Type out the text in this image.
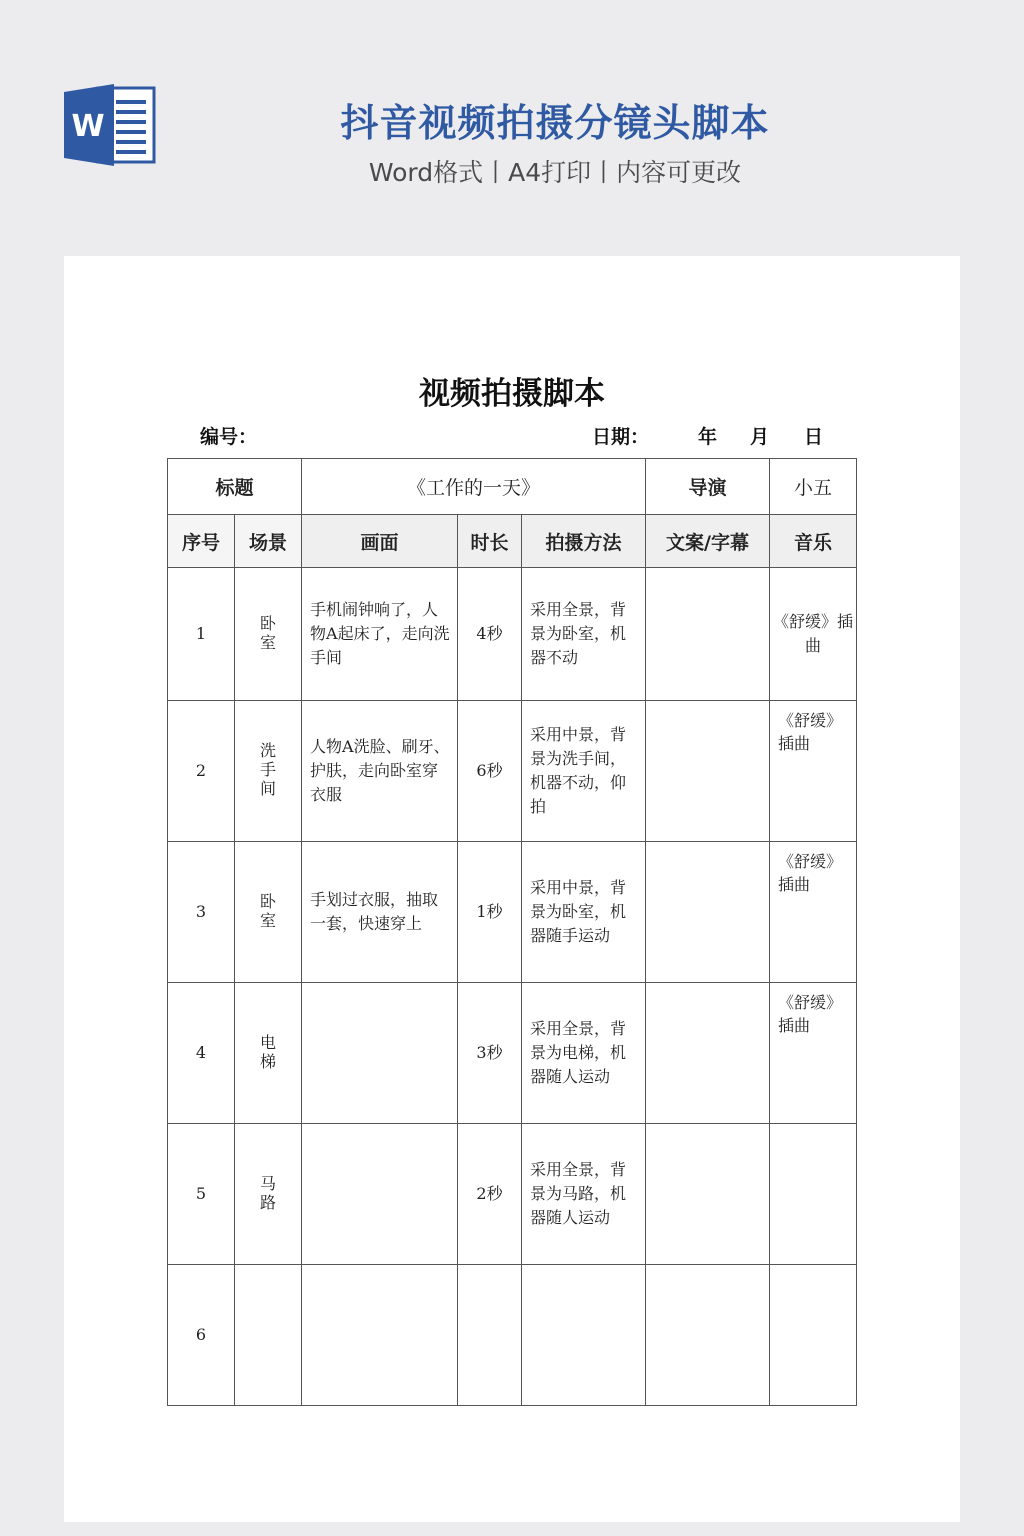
W	抖音视频拍摄分镜头脚本
Word格式丨A4打印丨内容可更改
视频拍摄脚本
编号：	日期：	年 月 日
标题		《工作的一天》			导演	小五
序号	场景	画面	时长	拍摄方法	文案/字幕	音乐
1	卧室	手机闹钟响了，人物A起床了，走向洗手间	4秒	采用全景，背景为卧室，机器不动		《舒缓》插曲
2	洗手间	人物A洗脸、刷牙、护肤，走向卧室穿衣服	6秒	采用中景，背景为洗手间，机器不动，仰拍		《舒缓》插曲
3	卧室	手划过衣服，抽取一套，快速穿上	1秒	采用中景，背景为卧室，机器随手运动		《舒缓》插曲
4	电梯		3秒	采用全景，背景为电梯，机器随人运动		《舒缓》插曲
5	马路		2秒	采用全景，背景为马路，机器随人运动		
6						
